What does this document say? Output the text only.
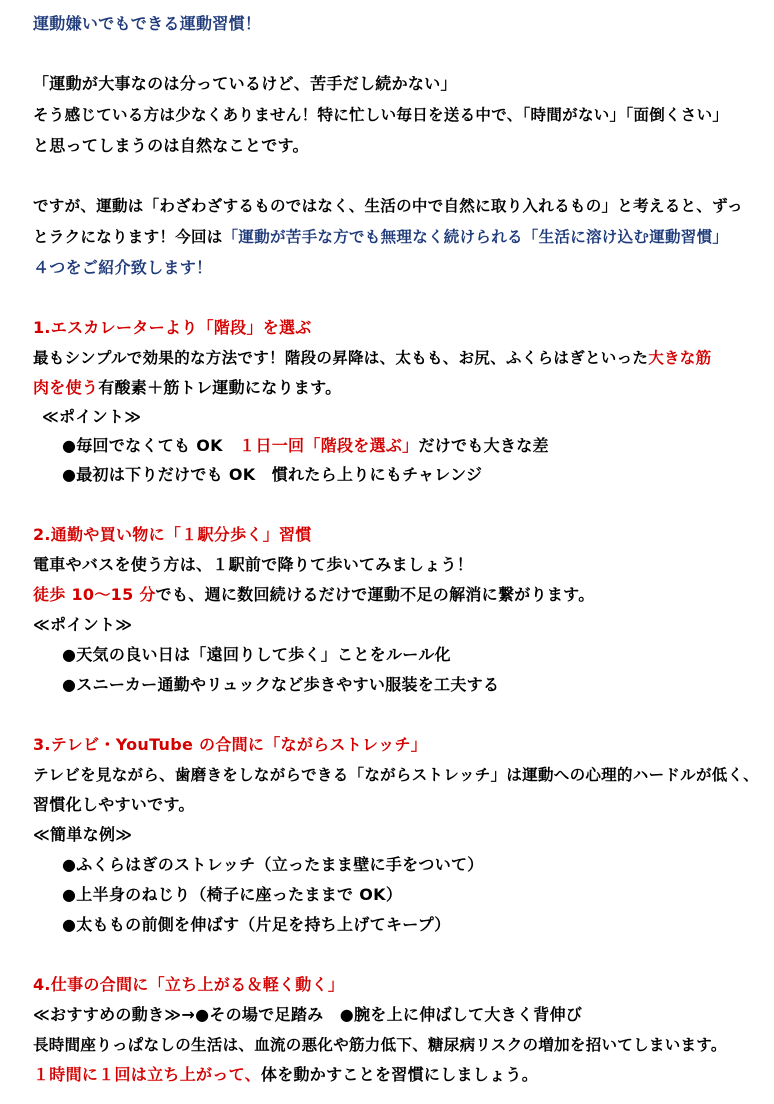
運動嫌いでもできる運動習慣！
「運動が大事なのは分っているけど、苦手だし続かない」
そう感じている方は少なくありません！特に忙しい毎日を送る中で、「時間がない」「面倒くさい」
と思ってしまうのは自然なことです。
ですが、運動は「わざわざするものではなく、生活の中で自然に取り入れるもの」と考えると、ずっ
とラクになります！今回は「運動が苦手な方でも無理なく続けられる「生活に溶け込む運動習慣」
４つをご紹介致します！
1.エスカレーターより「階段」を選ぶ
最もシンプルで効果的な方法です！階段の昇降は、太もも、お尻、ふくらはぎといった大きな筋
肉を使う有酸素＋筋トレ運動になります。
≪ポイント≫
●毎回でなくても OK　１日一回「階段を選ぶ」だけでも大きな差
●最初は下りだけでも OK　慣れたら上りにもチャレンジ
2.通勤や買い物に「１駅分歩く」習慣
電車やバスを使う方は、１駅前で降りて歩いてみましょう！
徒歩 10～15 分でも、週に数回続けるだけで運動不足の解消に繋がります。
≪ポイント≫
●天気の良い日は「遠回りして歩く」ことをルール化
●スニーカー通勤やリュックなど歩きやすい服装を工夫する
3.テレビ・YouTube の合間に「ながらストレッチ」
テレビを見ながら、歯磨きをしながらできる「ながらストレッチ」は運動への心理的ハードルが低く、
習慣化しやすいです。
≪簡単な例≫
●ふくらはぎのストレッチ（立ったまま壁に手をついて）
●上半身のねじり（椅子に座ったままで OK）
●太ももの前側を伸ばす（片足を持ち上げてキープ）
4.仕事の合間に「立ち上がる＆軽く動く」
≪おすすめの動き≫→●その場で足踏み　●腕を上に伸ばして大きく背伸び
長時間座りっぱなしの生活は、血流の悪化や筋力低下、糖尿病リスクの増加を招いてしまいます。
１時間に１回は立ち上がって、体を動かすことを習慣にしましょう。
